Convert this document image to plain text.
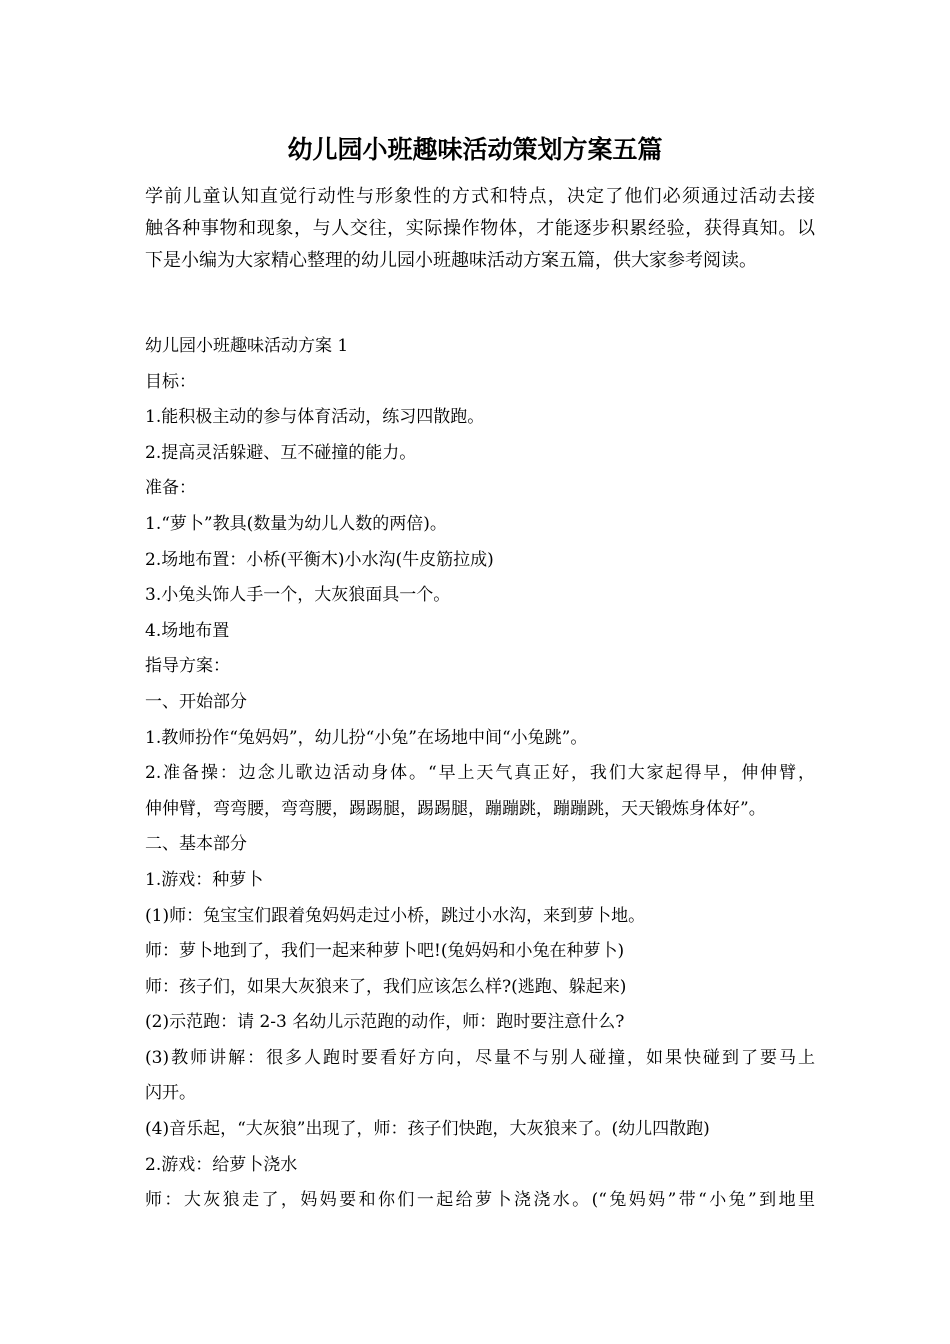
幼儿园小班趣味活动策划方案五篇

学前儿童认知直觉行动性与形象性的方式和特点，决定了他们必须通过活动去接

触各种事物和现象，与人交往，实际操作物体，才能逐步积累经验，获得真知。以

下是小编为大家精心整理的幼儿园小班趣味活动方案五篇，供大家参考阅读。

幼儿园小班趣味活动方案 1

目标：

1.能积极主动的参与体育活动，练习四散跑。

2.提高灵活躲避、互不碰撞的能力。

准备：

1.“萝卜”教具(数量为幼儿人数的两倍)。

2.场地布置：小桥(平衡木)小水沟(牛皮筋拉成)

3.小兔头饰人手一个，大灰狼面具一个。

4.场地布置

指导方案：

一、开始部分

1.教师扮作“兔妈妈”，幼儿扮“小兔”在场地中间“小兔跳”。

2.准备操：边念儿歌边活动身体。“早上天气真正好，我们大家起得早，伸伸臂，

伸伸臂，弯弯腰，弯弯腰，踢踢腿，踢踢腿，蹦蹦跳，蹦蹦跳，天天锻炼身体好”。

二、基本部分

1.游戏：种萝卜

(1)师：兔宝宝们跟着兔妈妈走过小桥，跳过小水沟，来到萝卜地。

师：萝卜地到了，我们一起来种萝卜吧!(兔妈妈和小兔在种萝卜)

师：孩子们，如果大灰狼来了，我们应该怎么样?(逃跑、躲起来)

(2)示范跑：请 2-3 名幼儿示范跑的动作，师：跑时要注意什么?

(3)教师讲解：很多人跑时要看好方向，尽量不与别人碰撞，如果快碰到了要马上

闪开。

(4)音乐起，“大灰狼”出现了，师：孩子们快跑，大灰狼来了。(幼儿四散跑)

2.游戏：给萝卜浇水

师：大灰狼走了，妈妈要和你们一起给萝卜浇浇水。(“兔妈妈”带“小兔”到地里
